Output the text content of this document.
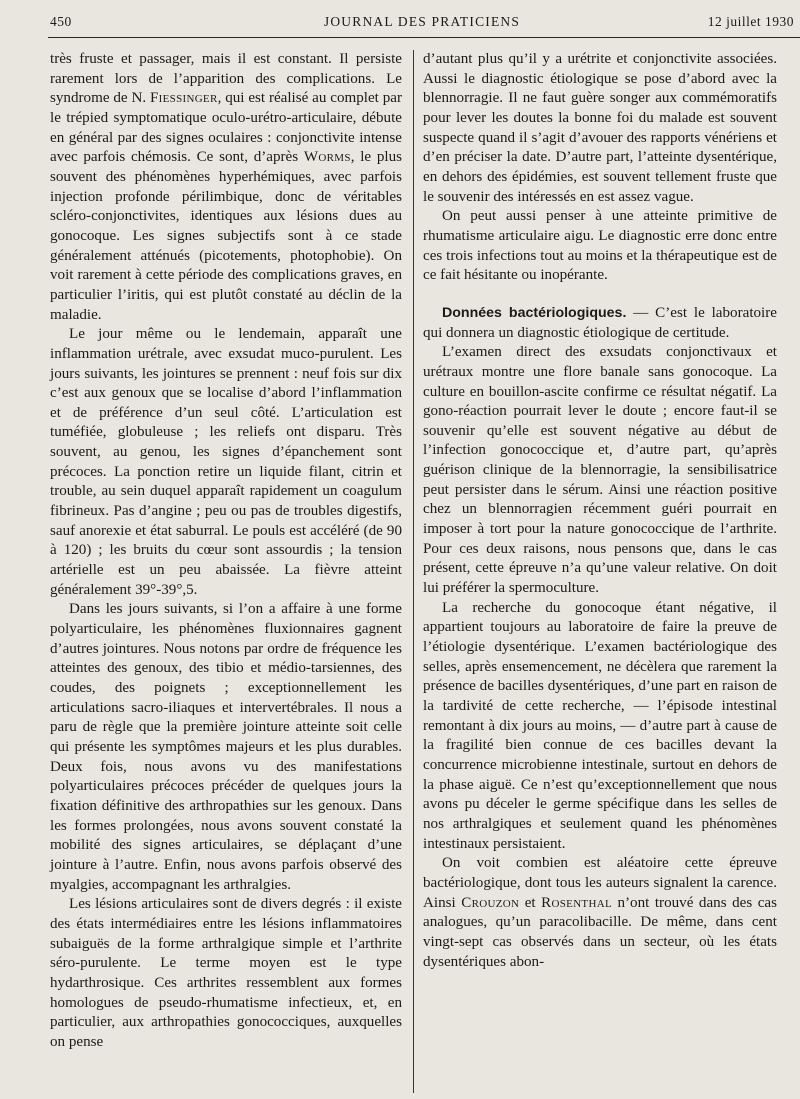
450	JOURNAL DES PRATICIENS	12 juillet 1930

très fruste et passager, mais il est constant. Il persiste rarement lors de l’apparition des complications. Le syndrome de N. Fiessinger, qui est réalisé au complet par le trépied symptomatique oculo-urétro-articulaire, débute en général par des signes oculaires : conjonctivite intense avec parfois chémosis. Ce sont, d’après Worms, le plus souvent des phénomènes hyperhémiques, avec parfois injection profonde périlimbique, donc de véritables scléro-conjonctivites, identiques aux lésions dues au gonocoque. Les signes subjectifs sont à ce stade généralement atténués (picotements, photophobie). On voit rarement à cette période des complications graves, en particulier l’iritis, qui est plutôt constaté au déclin de la maladie.

Le jour même ou le lendemain, apparaît une inflammation urétrale, avec exsudat muco-purulent. Les jours suivants, les jointures se prennent : neuf fois sur dix c’est aux genoux que se localise d’abord l’inflammation et de préférence d’un seul côté. L’articulation est tuméfiée, globuleuse ; les reliefs ont disparu. Très souvent, au genou, les signes d’épanchement sont précoces. La ponction retire un liquide filant, citrin et trouble, au sein duquel apparaît rapidement un coagulum fibrineux. Pas d’angine ; peu ou pas de troubles digestifs, sauf anorexie et état saburral. Le pouls est accéléré (de 90 à 120) ; les bruits du cœur sont assourdis ; la tension artérielle est un peu abaissée. La fièvre atteint généralement 39°-39°,5.

Dans les jours suivants, si l’on a affaire à une forme polyarticulaire, les phénomènes fluxionnaires gagnent d’autres jointures. Nous notons par ordre de fréquence les atteintes des genoux, des tibio et médio-tarsiennes, des coudes, des poignets ; exceptionnellement les articulations sacro-iliaques et intervertébrales. Il nous a paru de règle que la première jointure atteinte soit celle qui présente les symptômes majeurs et les plus durables. Deux fois, nous avons vu des manifestations polyarticulaires précoces précéder de quelques jours la fixation définitive des arthropathies sur les genoux. Dans les formes prolongées, nous avons souvent constaté la mobilité des signes articulaires, se déplaçant d’une jointure à l’autre. Enfin, nous avons parfois observé des myalgies, accompagnant les arthralgies.

Les lésions articulaires sont de divers degrés : il existe des états intermédiaires entre les lésions inflammatoires subaiguës de la forme arthralgique simple et l’arthrite séro-purulente. Le terme moyen est le type hydarthrosique. Ces arthrites ressemblent aux formes homologues de pseudo-rhumatisme infectieux, et, en particulier, aux arthropathies gonococciques, auxquelles on pense

d’autant plus qu’il y a urétrite et conjonctivite associées. Aussi le diagnostic étiologique se pose d’abord avec la blennorragie. Il ne faut guère songer aux commémoratifs pour lever les doutes la bonne foi du malade est souvent suspecte quand il s’agit d’avouer des rapports vénériens et d’en préciser la date. D’autre part, l’atteinte dysentérique, en dehors des épidémies, est souvent tellement fruste que le souvenir des intéressés en est assez vague.

On peut aussi penser à une atteinte primitive de rhumatisme articulaire aigu. Le diagnostic erre donc entre ces trois infections tout au moins et la thérapeutique est de ce fait hésitante ou inopérante.

Données bactériologiques. — C’est le laboratoire qui donnera un diagnostic étiologique de certitude.

L’examen direct des exsudats conjonctivaux et urétraux montre une flore banale sans gonocoque. La culture en bouillon-ascite confirme ce résultat négatif. La gono-réaction pourrait lever le doute ; encore faut-il se souvenir qu’elle est souvent négative au début de l’infection gonococcique et, d’autre part, qu’après guérison clinique de la blennorragie, la sensibilisatrice peut persister dans le sérum. Ainsi une réaction positive chez un blennorragien récemment guéri pourrait en imposer à tort pour la nature gonococcique de l’arthrite. Pour ces deux raisons, nous pensons que, dans le cas présent, cette épreuve n’a qu’une valeur relative. On doit lui préférer la spermoculture.

La recherche du gonocoque étant négative, il appartient toujours au laboratoire de faire la preuve de l’étiologie dysentérique. L’examen bactériologique des selles, après ensemencement, ne décèlera que rarement la présence de bacilles dysentériques, d’une part en raison de la tardivité de cette recherche, — l’épisode intestinal remontant à dix jours au moins, — d’autre part à cause de la fragilité bien connue de ces bacilles devant la concurrence microbienne intestinale, surtout en dehors de la phase aiguë. Ce n’est qu’exceptionnellement que nous avons pu déceler le germe spécifique dans les selles de nos arthralgiques et seulement quand les phénomènes intestinaux persistaient.

On voit combien est aléatoire cette épreuve bactériologique, dont tous les auteurs signalent la carence. Ainsi Crouzon et Rosenthal n’ont trouvé dans des cas analogues, qu’un paracolibacille. De même, dans cent vingt-sept cas observés dans un secteur, où les états dysentériques abon-
